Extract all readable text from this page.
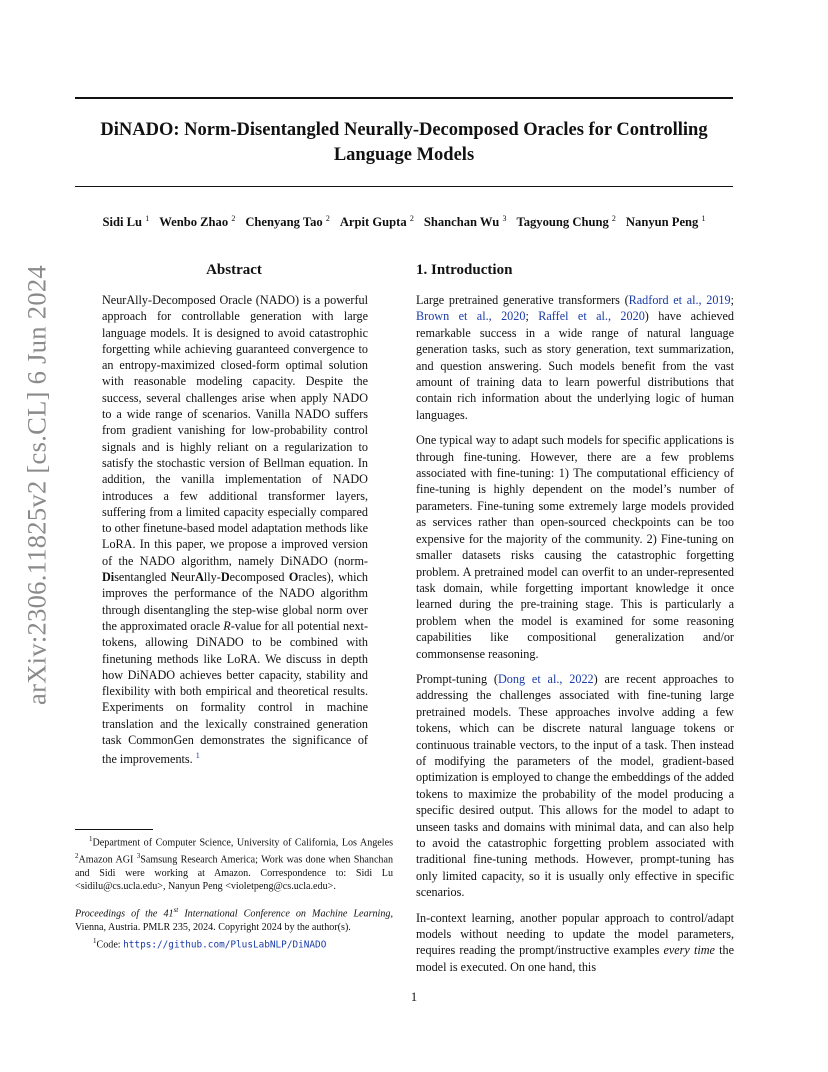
DiNADO: Norm-Disentangled Neurally-Decomposed Oracles for Controlling Language Models
Sidi Lu $^1$ Wenbo Zhao $^2$ Chenyang Tao $^2$ Arpit Gupta $^2$ Shanchan Wu $^3$ Tagyoung Chung $^2$ Nanyun Peng $^1$
arXiv:2306.11825v2 [cs.CL] 6 Jun 2024	Abstract

NeurAlly-Decomposed Oracle (NADO) is a powerful approach for controllable generation with large language models. It is designed to avoid catastrophic forgetting while achieving guaranteed convergence to an entropy-maximized closed-form optimal solution with reasonable modeling capacity. Despite the success, several challenges arise when apply NADO to a wide range of scenarios. Vanilla NADO suffers from gradient vanishing for low-probability control signals and is highly reliant on a regularization to satisfy the stochastic version of Bellman equation. In addition, the vanilla implementation of NADO introduces a few additional transformer layers, suffering from a limited capacity especially compared to other finetune-based model adaptation methods like LoRA. In this paper, we propose a improved version of the NADO algorithm, namely DiNADO (norm-Disentangled NeurAlly-Decomposed Oracles), which improves the performance of the NADO algorithm through disentangling the step-wise global norm over the approximated oracle R-value for all potential next-tokens, allowing DiNADO to be combined with finetuning methods like LoRA. We discuss in depth how DiNADO achieves better capacity, stability and flexibility with both empirical and theoretical results. Experiments on formality control in machine translation and the lexically constrained generation task CommonGen demonstrates the significance of the improvements. $^1$

1. Introduction

Large pretrained generative transformers (Radford et al., 2019; Brown et al., 2020; Raffel et al., 2020) have achieved remarkable success in a wide range of natural language generation tasks, such as story generation, text summarization, and question answering. Such models benefit from the vast amount of training data to learn powerful distributions that contain rich information about the underlying logic of human languages.

One typical way to adapt such models for specific applications is through fine-tuning. However, there are a few problems associated with fine-tuning: 1) The computational efficiency of fine-tuning is highly dependent on the model’s number of parameters. Fine-tuning some extremely large models provided as services rather than open-sourced checkpoints can be too expensive for the majority of the community. 2) Fine-tuning on smaller datasets risks causing the catastrophic forgetting problem. A pretrained model can overfit to an under-represented task domain, while forgetting important knowledge it once learned during the pre-training stage. This is particularly a problem when the model is examined for some reasoning capabilities like compositional generalization and/or commonsense reasoning.

Prompt-tuning (Dong et al., 2022) are recent approaches to addressing the challenges associated with fine-tuning large pretrained models. These approaches involve adding a few tokens, which can be discrete natural language tokens or continuous trainable vectors, to the input of a task. Then instead of modifying the parameters of the model, gradient-based optimization is employed to change the embeddings of the added tokens to maximize the probability of the model producing a specific desired output. This allows for the model to adapt to unseen tasks and domains with minimal data, and can also help to avoid the catastrophic forgetting problem associated with traditional fine-tuning methods. However, prompt-tuning has only limited capacity, so it is usually only effective in specific scenarios.

In-context learning, another popular approach to control/adapt models without needing to update the model parameters, requires reading the prompt/instructive examples every time the model is executed. On one hand, this

$^1$Department of Computer Science, University of California, Los Angeles $^2$Amazon AGI $^3$Samsung Research America; Work was done when Shanchan and Sidi were working at Amazon. Correspondence to: Sidi Lu <sidilu@cs.ucla.edu>, Nanyun Peng <violetpeng@cs.ucla.edu>.

Proceedings of the 41st International Conference on Machine Learning, Vienna, Austria. PMLR 235, 2024. Copyright 2024 by the author(s).

$^1$Code: https://github.com/PlusLabNLP/DiNADO

1
